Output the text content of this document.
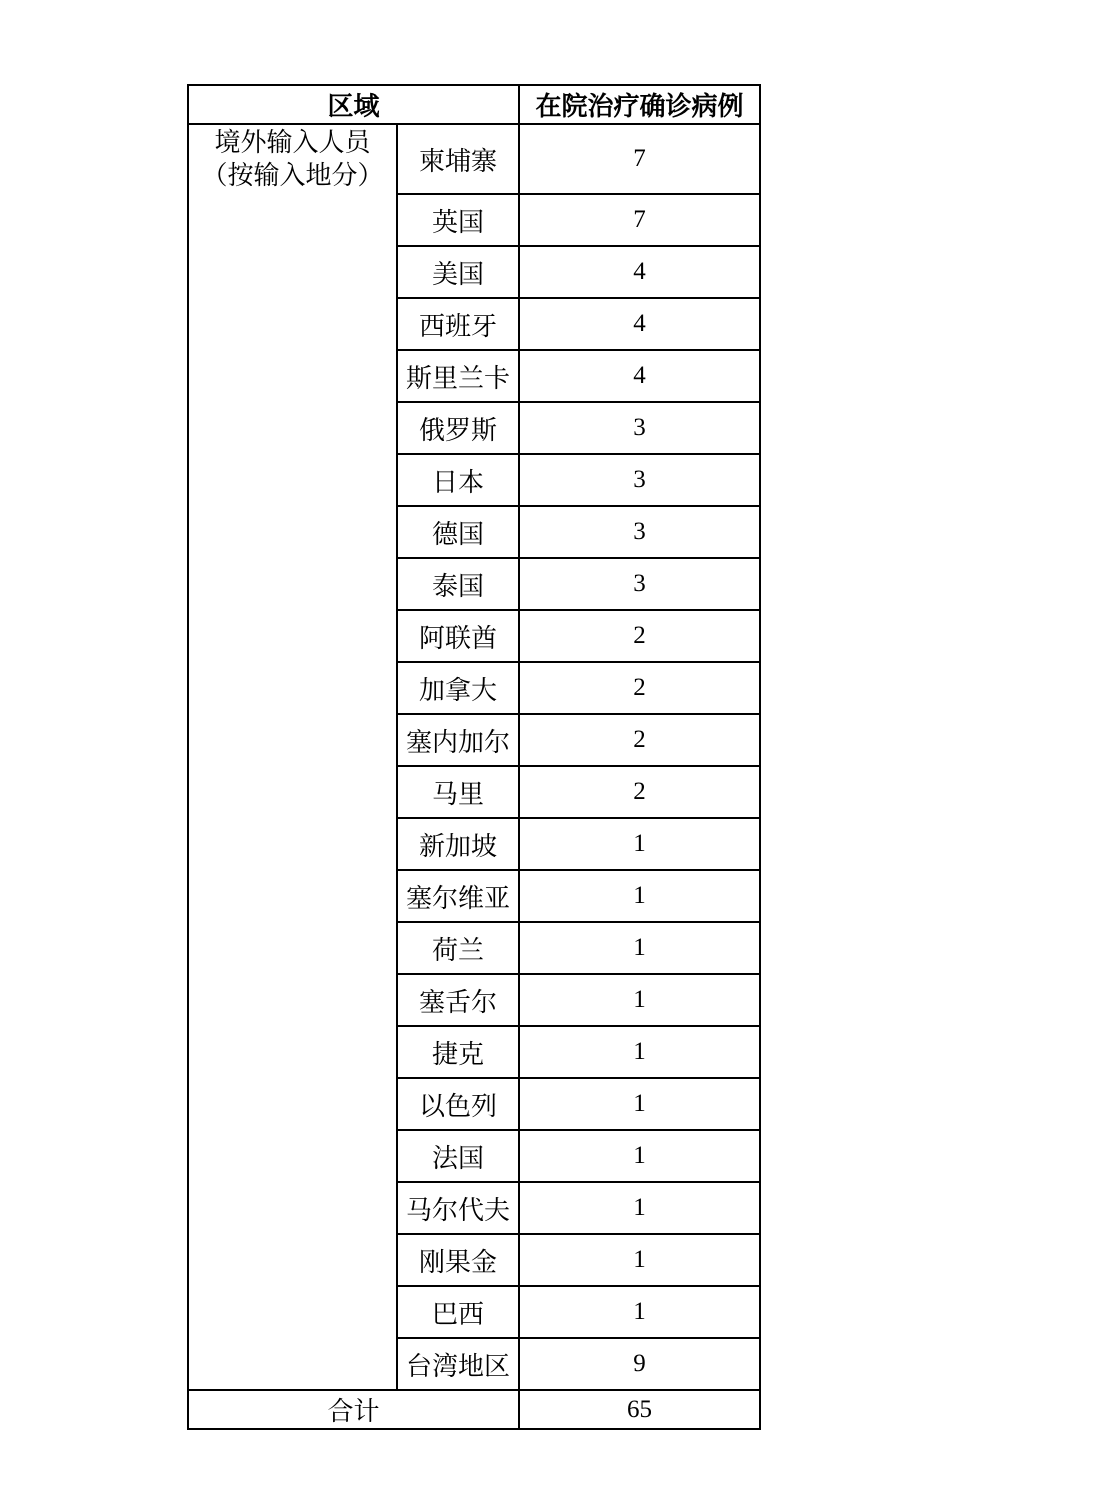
区域		在院治疗确诊病例

境外输入人员
（按输入地分）	柬埔寨	7
	英国	7
	美国	4
	西班牙	4
	斯里兰卡	4
	俄罗斯	3
	日本	3
	德国	3
	泰国	3
	阿联酋	2
	加拿大	2
	塞内加尔	2
	马里	2
	新加坡	1
	塞尔维亚	1
	荷兰	1
	塞舌尔	1
	捷克	1
	以色列	1
	法国	1
	马尔代夫	1
	刚果金	1
	巴西	1
	台湾地区	9
合计		65
